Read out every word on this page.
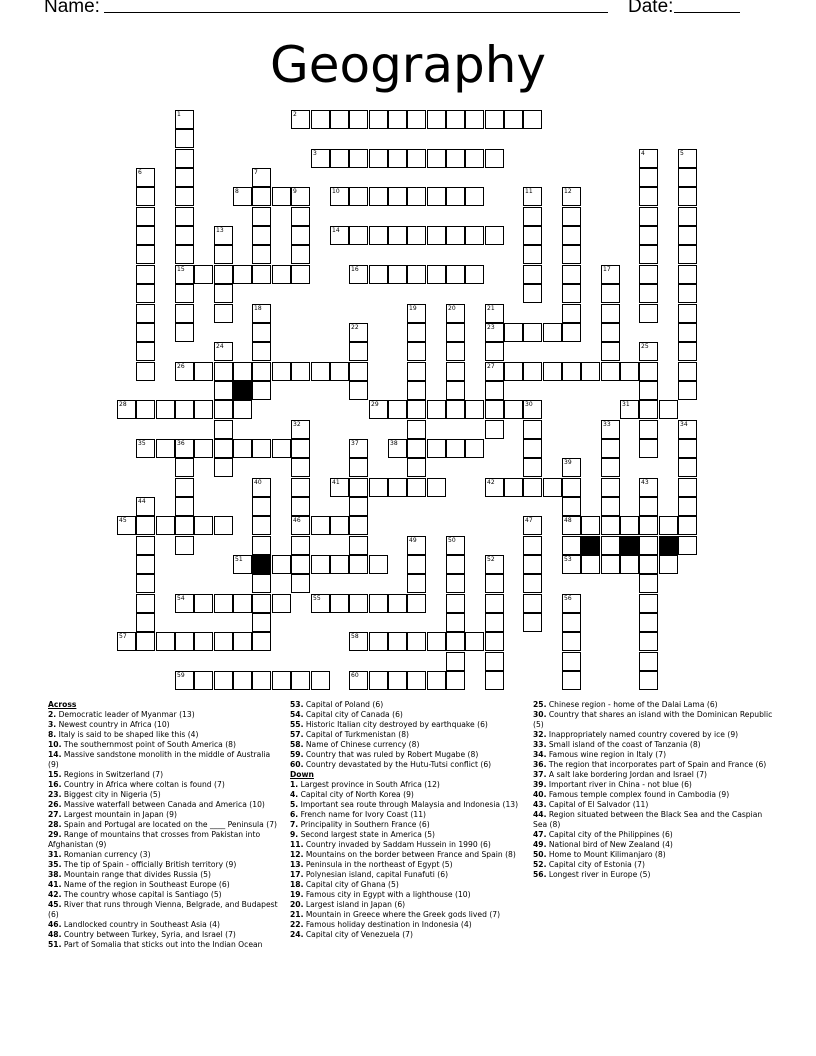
Name:	Date:
Geography
2
3
8	9	10
14
15	16
23
26	27
28	29	30	31
35	36	38
41	42
45	46	48
51	53
54	55
57	58
59	60
1
4	5
6	7
11	12
13
17
18	19	20	21
22
24	25
32	33	34
37
39
40	43
44
47
49	50
52
56
Across
2. Democratic leader of Myanmar (13)
3. Newest country in Africa (10)
8. Italy is said to be shaped like this (4)
10. The southernmost point of South America (8)
14. Massive sandstone monolith in the middle of Australia (9)
15. Regions in Switzerland (7)
16. Country in Africa where coltan is found (7)
23. Biggest city in Nigeria (5)
26. Massive waterfall between Canada and America (10)
27. Largest mountain in Japan (9)
28. Spain and Portugal are located on the ____ Peninsula (7)
29. Range of mountains that crosses from Pakistan into Afghanistan (9)
31. Romanian currency (3)
35. The tip of Spain - officially British territory (9)
38. Mountain range that divides Russia (5)
41. Name of the region in Southeast Europe (6)
42. The country whose capital is Santiago (5)
45. River that runs through Vienna, Belgrade, and Budapest (6)
46. Landlocked country in Southeast Asia (4)
48. Country between Turkey, Syria, and Israel (7)
51. Part of Somalia that sticks out into the Indian Ocean
53. Capital of Poland (6)
54. Capital city of Canada (6)
55. Historic Italian city destroyed by earthquake (6)
57. Capital of Turkmenistan (8)
58. Name of Chinese currency (8)
59. Country that was ruled by Robert Mugabe (8)
60. Country devastated by the Hutu-Tutsi conflict (6)
Down
1. Largest province in South Africa (12)
4. Capital city of North Korea (9)
5. Important sea route through Malaysia and Indonesia (13)
6. French name for Ivory Coast (11)
7. Principality in Southern France (6)
9. Second largest state in America (5)
11. Country invaded by Saddam Hussein in 1990 (6)
12. Mountains on the border between France and Spain (8)
13. Peninsula in the northeast of Egypt (5)
17. Polynesian island, capital Funafuti (6)
18. Capital city of Ghana (5)
19. Famous city in Egypt with a lighthouse (10)
20. Largest island in Japan (6)
21. Mountain in Greece where the Greek gods lived (7)
22. Famous holiday destination in Indonesia (4)
24. Capital city of Venezuela (7)
25. Chinese region - home of the Dalai Lama (6)
30. Country that shares an island with the Dominican Republic (5)
32. Inappropriately named country covered by ice (9)
33. Small island of the coast of Tanzania (8)
34. Famous wine region in Italy (7)
36. The region that incorporates part of Spain and France (6)
37. A salt lake bordering Jordan and Israel (7)
39. Important river in China - not blue (6)
40. Famous temple complex found in Cambodia (9)
43. Capital of El Salvador (11)
44. Region situated between the Black Sea and the Caspian Sea (8)
47. Capital city of the Philippines (6)
49. National bird of New Zealand (4)
50. Home to Mount Kilimanjaro (8)
52. Capital city of Estonia (7)
56. Longest river in Europe (5)
